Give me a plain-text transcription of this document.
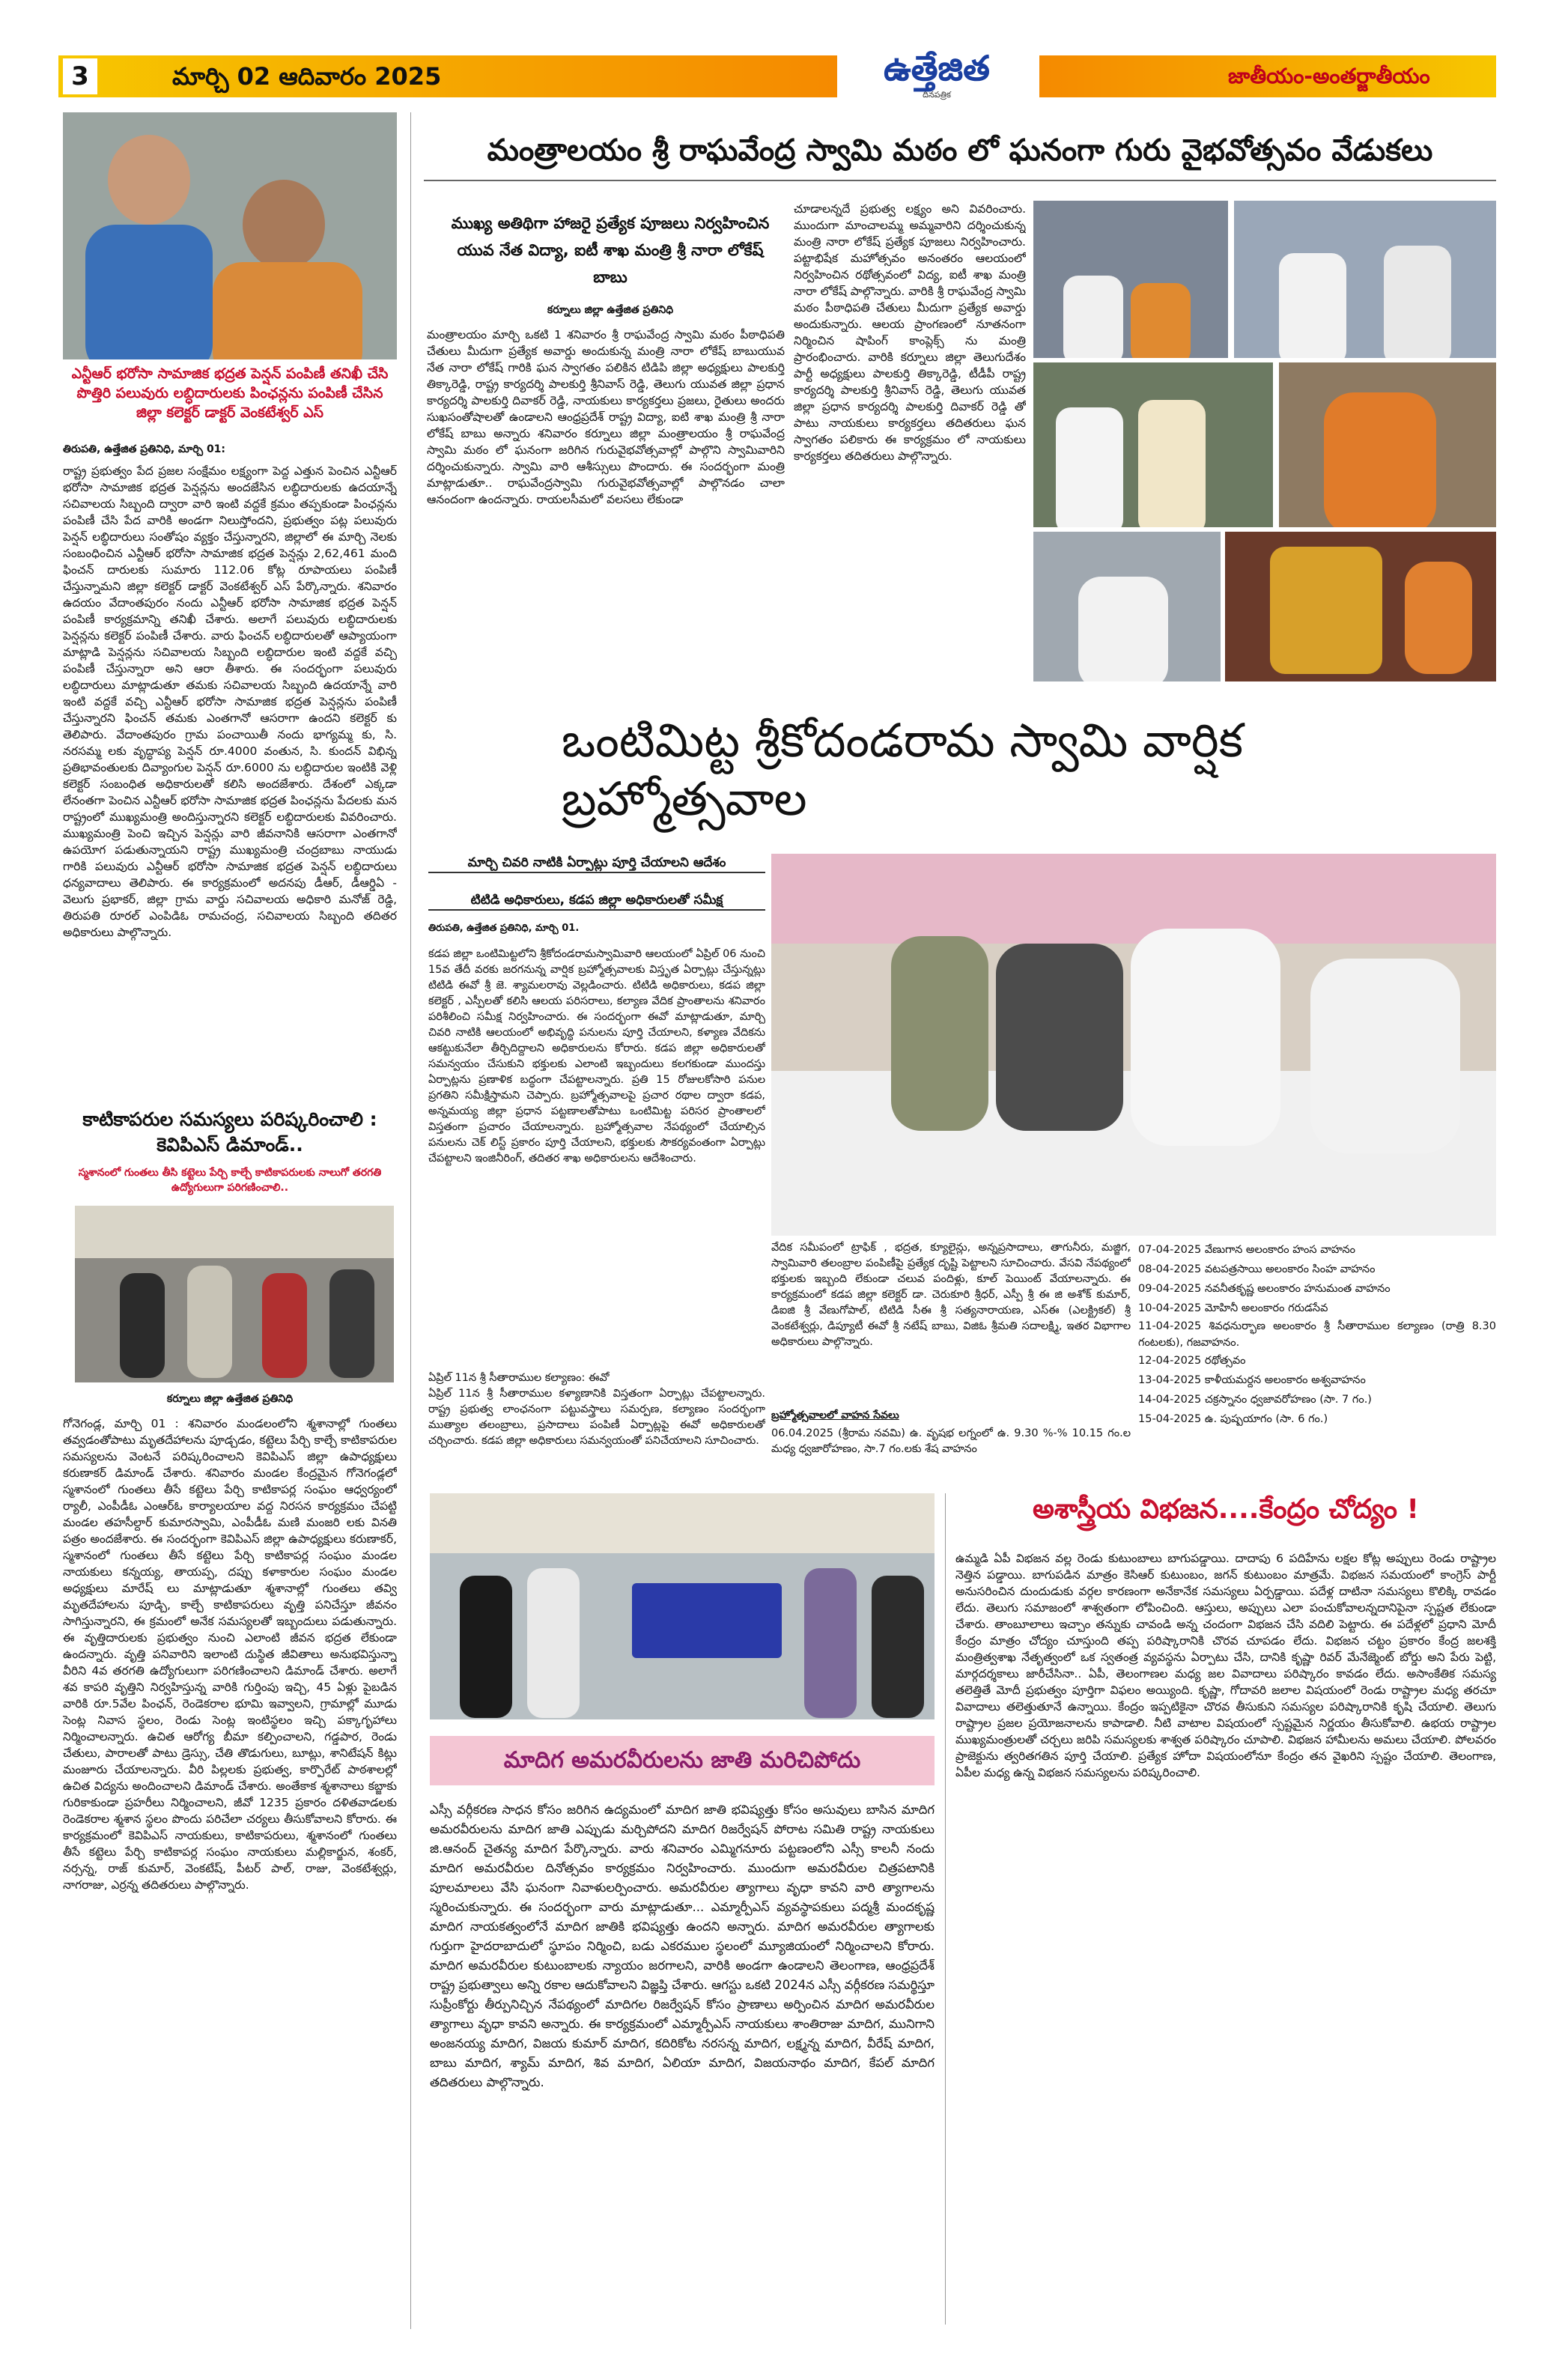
3	మార్చి 02 ఆదివారం 2025	ఉత్తేజిత
దినపత్రిక
జాతీయం-అంతర్జాతీయం
ఎన్టీఆర్ భరోసా సామాజిక భద్రత పెన్షన్ పంపిణీ తనిఖీ చేసి పొత్తిరి పలువురు లబ్ధిదారులకు పింఛన్లను పంపిణీ చేసిన జిల్లా కలెక్టర్ డాక్టర్ వెంకటేశ్వర్ ఎస్
తిరుపతి, ఉత్తేజిత ప్రతినిధి, మార్చి 01:
రాష్ట్ర ప్రభుత్వం పేద ప్రజల సంక్షేమం లక్ష్యంగా పెద్ద ఎత్తున పెంచిన ఎన్టీఆర్ భరోసా సామాజిక భద్రత పెన్షన్లను అందజేసిన లబ్ధిదారులకు ఉదయాన్నే సచివాలయ సిబ్బంది ద్వారా వారి ఇంటి వద్దకే క్రమం తప్పకుండా పింఛన్లను పంపిణీ చేసి పేద వారికి అండగా నిలుస్తోందని, ప్రభుత్వం పట్ల పలువురు పెన్షన్ లబ్ధిదారులు సంతోషం వ్యక్తం చేస్తున్నారని, జిల్లాలో ఈ మార్చి నెలకు సంబంధించిన ఎన్టీఆర్ భరోసా సామాజిక భద్రత పెన్షన్లు 2,62,461 మంది ఫించన్ దారులకు సుమారు 112.06 కోట్ల రూపాయలు పంపిణీ చేస్తున్నామని జిల్లా కలెక్టర్ డాక్టర్ వెంకటేశ్వర్ ఎస్ పేర్కొన్నారు. శనివారం ఉదయం వేదాంతపురం నందు ఎన్టీఆర్ భరోసా సామాజిక భద్రత పెన్షన్ పంపిణీ కార్యక్రమాన్ని తనిఖీ చేశారు. అలాగే పలువురు లబ్ధిదారులకు పెన్షన్లను కలెక్టర్ పంపిణీ చేశారు. వారు ఫించన్ లబ్ధిదారులతో ఆప్యాయంగా మాట్లాడి పెన్షన్లను సచివాలయ సిబ్బంది లబ్ధిదారుల ఇంటి వద్దకే వచ్చి పంపిణీ చేస్తున్నారా అని ఆరా తీశారు. ఈ సందర్భంగా పలువురు లబ్ధిదారులు మాట్లాడుతూ తమకు సచివాలయ సిబ్బంది ఉదయాన్నే వారి ఇంటి వద్దకే వచ్చి ఎన్టీఆర్ భరోసా సామాజిక భద్రత పెన్షన్లను పంపిణీ చేస్తున్నారని ఫించన్ తమకు ఎంతగానో ఆసరాగా ఉందని కలెక్టర్ కు తెలిపారు. వేదాంతపురం గ్రామ పంచాయితీ నందు భాగ్యమ్మ కు, సి. నరసమ్మ లకు వృద్ధాప్య పెన్షన్ రూ.4000 వంతున, సి. కుందన్ విభిన్న ప్రతిభావంతులకు దివ్యాంగుల పెన్షన్ రూ.6000 ను లబ్ధిదారుల ఇంటికి వెళ్లి కలెక్టర్ సంబంధిత అధికారులతో కలిసి అందజేశారు. దేశంలో ఎక్కడా లేనంతగా పెంచిన ఎన్టీఆర్ భరోసా సామాజిక భద్రత పింఛన్లను పేదలకు మన రాష్ట్రంలో ముఖ్యమంత్రి అందిస్తున్నారని కలెక్టర్ లబ్ధిదారులకు వివరించారు. ముఖ్యమంత్రి పెంచి ఇచ్చిన పెన్షన్లు వారి జీవనానికి ఆసరాగా ఎంతగానో ఉపయోగ పడుతున్నాయని రాష్ట్ర ముఖ్యమంత్రి చంద్రబాబు నాయుడు గారికి పలువురు ఎన్టీఆర్ భరోసా సామాజిక భద్రత పెన్షన్ లబ్ధిదారులు ధన్యవాదాలు తెలిపారు. ఈ కార్యక్రమంలో అదనపు డీఆర్, డీఆర్డిఏ - వెలుగు ప్రభాకర్, జిల్లా గ్రామ వార్డు సచివాలయ అధికారి మనోజ్ రెడ్డి, తిరుపతి రూరల్ ఎంపిడిఓ రామచంద్ర, సచివాలయ సిబ్బంది తదితర అధికారులు పాల్గొన్నారు.
కాటికాపరుల సమస్యలు పరిష్కరించాలి : కెవిపిఎస్ డిమాండ్..
స్మశానంలో గుంతలు తీసి కట్టెలు పేర్చి కాల్చే కాటికాపరులకు నాలుగో తరగతి ఉద్యోగులుగా పరిగణించాలి..
కర్నూలు జిల్లా ఉత్తేజిత ప్రతినిధి
గోనెగండ్ల, మార్చి 01 : శనివారం మండలంలోని శ్మశానాల్లో గుంతలు తవ్వడంతోపాటు మృతదేహాలను పూడ్చడం, కట్టెలు పేర్చి కాల్చే కాటికాపరుల సమస్యలను వెంటనే పరిష్కరించాలని కెవిపిఎస్ జిల్లా ఉపాధ్యక్షులు కరుణాకర్ డిమాండ్ చేశారు. శనివారం మండల కేంద్రమైన గోనెగండ్లలో స్మశానంలో గుంతలు తీసే కట్టెలు పేర్చి కాటికాపర్ల సంఘం ఆధ్వర్యంలో ర్యాలీ, ఎంపీడీఓ ఎంఆర్ఓ కార్యాలయాల వద్ద నిరసన కార్యక్రమం చేపట్టి మండల తహసీల్దార్ కుమారస్వామి, ఎంపీడీఓ మణి మంజరి లకు వినతి పత్రం అందజేశారు. ఈ సందర్భంగా కెవిపిఎస్ జిల్లా ఉపాధ్యక్షులు కరుణాకర్, స్మశానంలో గుంతలు తీసే కట్టెలు పేర్చి కాటికాపర్ల సంఘం మండల నాయకులు కన్నయ్య, తాయప్ప, దప్పు కళాకారుల సంఘం మండల అధ్యక్షులు మారేష్ లు మాట్లాడుతూ శ్మశానాల్లో గుంతలు తవ్వి మృతదేహాలను పూడ్చి, కాల్చే కాటికాపరులు వృత్తి పనిచేస్తూ జీవనం సాగిస్తున్నారని, ఈ క్రమంలో అనేక సమస్యలతో ఇబ్బందులు పడుతున్నారు. ఈ వృత్తిదారులకు ప్రభుత్వం నుంచి ఎలాంటి జీవన భద్రత లేకుండా ఉందన్నారు. వృత్తి పనివారిని ఇలాంటి దుస్థిత జీవితాలు అనుభవిస్తున్నా వీరిని 4వ తరగతి ఉద్యోగులుగా పరిగణించాలని డిమాండ్ చేశారు. అలాగే శవ కాపరి వృత్తిని నిర్వహిస్తున్న వారికి గుర్తింపు ఇచ్చి, 45 ఏళ్లు పైబడిన వారికి రూ.5వేల పింఛన్, రెండెకరాల భూమి ఇవ్వాలని, గ్రామాల్లో మూడు సెంట్ల నివాస స్థలం, రెండు సెంట్ల ఇంటిస్థలం ఇచ్చి పక్కాగృహాలు నిర్మించాలన్నారు. ఉచిత ఆరోగ్య బీమా కల్పించాలని, గడ్డపార, రెండు చేతులు, పారాలతో పాటు డ్రెస్సు, చేతి తొడుగులు, బూట్లు, శానిటేషన్ కిట్లు మంజూరు చేయాలన్నారు. వీరి పిల్లలకు ప్రభుత్వ, కార్పొరేట్ పాఠశాలల్లో ఉచిత విద్యను అందించాలని డిమాండ్ చేశారు. అంతేకాక శ్మశానాలు కబ్జాకు గురికాకుండా ప్రహరీలు నిర్మించాలని, జీవో 1235 ప్రకారం దళితవాడలకు రెండెకరాల శ్మశాన స్థలం పొందు పరిచేలా చర్యలు తీసుకోవాలని కోరారు. ఈ కార్యక్రమంలో కెవిపిఎస్ నాయకులు, కాటికాపరులు, శ్మశానంలో గుంతలు తీసే కట్టెలు పేర్చి కాటికాపర్ల సంఘం నాయకులు మల్లికార్జున, శంకర్, నర్సన్న, రాజ్ కుమార్, వెంకటేష్, పీటర్ పాల్, రాజు, వెంకటేశ్వర్లు, నాగరాజు, ఎర్రన్న తదితరులు పాల్గొన్నారు.
మంత్రాలయం శ్రీ రాఘవేంద్ర స్వామి మఠం లో ఘనంగా గురు వైభవోత్సవం వేడుకలు
ముఖ్య అతిథిగా హాజరై ప్రత్యేక పూజలు నిర్వహించిన యువ నేత విద్యా, ఐటీ శాఖ మంత్రి శ్రీ నారా లోకేష్ బాబు
కర్నూలు జిల్లా ఉత్తేజిత ప్రతినిధి
మంత్రాలయం మార్చి ఒకటి 1 శనివారం శ్రీ రాఘవేంద్ర స్వామి మఠం పీఠాధిపతి చేతులు మీదుగా ప్రత్యేక అవార్డు అందుకున్న మంత్రి నారా లోకేష్ బాబుయువ నేత నారా లోకేష్ గారికి ఘన స్వాగతం పలికిన టిడిపి జిల్లా అధ్యక్షులు పాలకుర్తి తిక్కారెడ్డి, రాష్ట్ర కార్యదర్శి పాలకుర్తి శ్రీనివాస్ రెడ్డి, తెలుగు యువత జిల్లా ప్రధాన కార్యదర్శి పాలకుర్తి దివాకర్ రెడ్డి, నాయకులు కార్యకర్తలు ప్రజలు, రైతులు అందరు సుఖసంతోషాలతో ఉండాలని ఆంధ్రప్రదేశ్ రాష్ట్ర విద్యా, ఐటి శాఖ మంత్రి శ్రీ నారా లోకేష్ బాబు అన్నారు శనివారం కర్నూలు జిల్లా మంత్రాలయం శ్రీ రాఘవేంద్ర స్వామి మఠం లో ఘనంగా జరిగిన గురువైభవోత్సవాల్లో పాల్గొని స్వామివారిని దర్శించుకున్నారు. స్వామి వారి ఆశీస్సులు పొందారు. ఈ సందర్భంగా మంత్రి మాట్లాడుతూ.. రాఘవేంద్రస్వామి గురువైభవోత్సవాల్లో పాల్గొనడం చాలా ఆనందంగా ఉందన్నారు. రాయలసీమలో వలసలు లేకుండా
చూడాలన్నదే ప్రభుత్వ లక్ష్యం అని వివరించారు. ముందుగా మాంచాలమ్మ అమ్మవారిని దర్శించుకున్న మంత్రి నారా లోకేష్ ప్రత్యేక పూజలు నిర్వహించారు. పట్టాభిషేక మహోత్సవం అనంతరం ఆలయంలో నిర్వహించిన రథోత్సవంలో విద్య, ఐటీ శాఖ మంత్రి నారా లోకేష్ పాల్గొన్నారు. వారికి శ్రీ రాఘవేంద్ర స్వామి మఠం పీఠాధిపతి చేతులు మీదుగా ప్రత్యేక అవార్డు అందుకున్నారు. ఆలయ ప్రాంగణంలో నూతనంగా నిర్మించిన షాపింగ్ కాంప్లెక్స్ ను మంత్రి ప్రారంభించారు. వారికి కర్నూలు జిల్లా తెలుగుదేశం పార్టీ అధ్యక్షులు పాలకుర్తి తిక్కారెడ్డి, టీడీపీ రాష్ట్ర కార్యదర్శి పాలకుర్తి శ్రీనివాస్ రెడ్డి, తెలుగు యువత జిల్లా ప్రధాన కార్యదర్శి పాలకుర్తి దివాకర్ రెడ్డి తో పాటు నాయకులు కార్యకర్తలు తదితరులు ఘన స్వాగతం పలికారు ఈ కార్యక్రమం లో నాయకులు కార్యకర్తలు తదితరులు పాల్గొన్నారు.
ఒంటిమిట్ట శ్రీకోదండరామ స్వామి వార్షిక బ్రహ్మోత్సవాల
మార్చి చివరి నాటికి ఏర్పాట్లు పూర్తి చేయాలని ఆదేశం
టిటిడి అధికారులు, కడప జిల్లా అధికారులతో సమీక్ష
తిరుపతి, ఉత్తేజిత ప్రతినిధి, మార్చి 01.
కడప జిల్లా ఒంటిమిట్టలోని శ్రీకోదండరామస్వామివారి ఆలయంలో ఏప్రిల్ 06 నుంచి 15వ తేదీ వరకు జరగనున్న వార్షిక బ్రహ్మోత్సవాలకు విస్తృత ఏర్పాట్లు చేస్తున్నట్లు టిటిడి ఈవో శ్రీ జె. శ్యామలరావు వెల్లడించారు. టిటిడి అధికారులు, కడప జిల్లా కలెక్టర్ , ఎస్పీలతో కలిసి ఆలయ పరిసరాలు, కల్యాణ వేదిక ప్రాంతాలను శనివారం పరిశీలించి సమీక్ష నిర్వహించారు. ఈ సందర్భంగా ఈవో మాట్లాడుతూ, మార్చి చివరి నాటికి ఆలయంలో అభివృద్ధి పనులను పూర్తి చేయాలని, కళ్యాణ వేదికను ఆకట్టుకునేలా తీర్చిదిద్దాలని అధికారులను కోరారు. కడప జిల్లా అధికారులతో సమన్వయం చేసుకుని భక్తులకు ఎలాంటి ఇబ్బందులు కలగకుండా ముందస్తు ఏర్పాట్లను ప్రణాళిక బద్ధంగా చేపట్టాలన్నారు. ప్రతి 15 రోజులకోసారి పనుల ప్రగతిని సమీక్షిస్తామని చెప్పారు. బ్రహ్మోత్సవాలపై ప్రచార రథాల ద్వారా కడప, అన్నమయ్య జిల్లా ప్రధాన పట్టణాలతోపాటు ఒంటిమిట్ట పరిసర ప్రాంతాలలో విస్తతంగా ప్రచారం చేయాలన్నారు. బ్రహ్మోత్సవాల నేపథ్యంలో చేయాల్సిన పనులను చెక్ లిస్ట్ ప్రకారం పూర్తి చేయాలని, భక్తులకు సౌకర్యవంతంగా ఏర్పాట్లు చేపట్టాలని ఇంజినీరింగ్, తదితర శాఖ అధికారులను ఆదేశించారు.
ఏప్రిల్ 11న శ్రీ సీతారాముల కల్యాణం: ఈవో
ఏప్రిల్ 11న శ్రీ సీతారాముల కళ్యాణానికి విస్తతంగా ఏర్పాట్లు చేపట్టాలన్నారు. రాష్ట్ర ప్రభుత్వ లాంఛనంగా పట్టువస్త్రాలు సమర్పణ, కల్యాణం సందర్భంగా ముత్యాల తలంబ్రాలు, ప్రసాదాలు పంపిణీ ఏర్పాట్లపై ఈవో అధికారులతో చర్చించారు. కడప జిల్లా అధికారులు సమన్వయంతో పనిచేయాలని సూచించారు.
వేదిక సమీపంలో ట్రాఫిక్ , భద్రత, క్యూలైన్లు, అన్నప్రసాదాలు, తాగునీరు, మజ్జిగ, స్వామివారి తలంబ్రాల పంపిణీపై ప్రత్యేక దృష్టి పెట్టాలని సూచించారు. వేసవి నేపథ్యంలో భక్తులకు ఇబ్బంది లేకుండా చలువ పందిళ్లు, కూల్ పెయింట్ వేయాలన్నారు. ఈ కార్యక్రమంలో కడప జిల్లా కలెక్టర్ డా. చెరుకూరి శ్రీధర్, ఎస్పీ శ్రీ ఈ జి అశోక్ కుమార్, డిఐజి శ్రీ వేణుగోపాల్, టిటిడి సీఈ శ్రీ సత్యనారాయణ, ఎస్ఈ (ఎలక్ట్రికల్) శ్రీ వెంకటేశ్వర్లు, డిప్యూటీ ఈవో శ్రీ నటేష్ బాబు, విజిఓ శ్రీమతి సదాలక్ష్మి, ఇతర విభాగాల అధికారులు పాల్గొన్నారు.
బ్రహ్మోత్సవాలలో వాహన సేవలు
06.04.2025 (శ్రీరామ నవమి) ఉ. వృషభ లగ్నంలో ఉ. 9.30 %-% 10.15 గం.ల మధ్య ధ్వజారోహణం, సా.7 గం.లకు శేష వాహనం
07-04-2025 వేణుగాన అలంకారం హంస వాహనం
08-04-2025 వటపత్రసాయి అలంకారం సింహ వాహనం
09-04-2025 నవనీతకృష్ణ అలంకారం హనుమంత వాహనం
10-04-2025 మోహినీ అలంకారం గరుడసేవ
11-04-2025 శివధనుర్భాణ అలంకారం శ్రీ సీతారాముల కల్యాణం (రాత్రి 8.30 గంటలకు), గజవాహనం.
12-04-2025 రథోత్సవం
13-04-2025 కాళీయమర్దన అలంకారం అశ్వవాహనం
14-04-2025 చక్రస్నానం ధ్వజావరోహణం (సా. 7 గం.)
15-04-2025 ఉ. పుష్పయాగం (సా. 6 గం.)
మాదిగ అమరవీరులను జాతి మరిచిపోదు
ఎస్సీ వర్గీకరణ సాధన కోసం జరిగిన ఉద్యమంలో మాదిగ జాతి భవిష్యత్తు కోసం అసువులు బాసిన మాదిగ అమరవీరులను మాదిగ జాతి ఎప్పుడు మర్చిపోదని మాదిగ రిజర్వేషన్ పోరాట సమితి రాష్ట్ర నాయకులు జి.ఆనంద్ చైతన్య మాదిగ పేర్కొన్నారు. వారు శనివారం ఎమ్మిగనూరు పట్టణంలోని ఎస్సీ కాలనీ నందు మాదిగ అమరవీరుల దినోత్సవం కార్యక్రమం నిర్వహించారు. ముందుగా అమరవీరుల చిత్రపటానికి పూలమాలలు వేసి ఘనంగా నివాళులర్పించారు. అమరవీరుల త్యాగాలు వృధా కావని వారి త్యాగాలను స్మరించుకున్నారు. ఈ సందర్భంగా వారు మాట్లాడుతూ... ఎమ్మార్పీఎస్ వ్యవస్థాపకులు పద్మశ్రీ మందకృష్ణ మాదిగ నాయకత్వంలోనే మాదిగ జాతికి భవిష్యత్తు ఉందని అన్నారు. మాదిగ అమరవీరుల త్యాగాలకు గుర్తుగా హైదరాబాదులో స్థూపం నిర్మించి, బడు ఎకరముల స్థలంలో మ్యూజియంలో నిర్మించాలని కోరారు. మాదిగ అమరవీరుల కుటుంబాలకు న్యాయం జరగాలని, వారికి అండగా ఉండాలని తెలంగాణ, ఆంధ్రప్రదేశ్ రాష్ట్ర ప్రభుత్వాలు అన్ని రకాల ఆదుకోవాలని విజ్ఞప్తి చేశారు. ఆగస్టు ఒకటి 2024న ఎస్సీ వర్గీకరణ సమర్థిస్తూ సుప్రీంకోర్టు తీర్పునిచ్చిన నేపథ్యంలో మాదిగల రిజర్వేషన్ కోసం ప్రాణాలు అర్పించిన మాదిగ అమరవీరుల త్యాగాలు వృధా కావని అన్నారు. ఈ కార్యక్రమంలో ఎమ్మార్పీఎస్ నాయకులు శాంతిరాజు మాదిగ, మునిగాని అంజనయ్య మాదిగ, విజయ కుమార్ మాదిగ, కదిరికోట నరసన్న మాదిగ, లక్ష్మన్న మాదిగ, వీరేష్ మాదిగ, బాబు మాదిగ, శ్యామ్ మాదిగ, శివ మాదిగ, ఏలియా మాదిగ, విజయనాథం మాదిగ, కేపల్ మాదిగ తదితరులు పాల్గొన్నారు.
అశాస్త్రీయ విభజన....కేంద్రం చోద్యం !
ఉమ్మడి ఏపీ విభజన వల్ల రెండు కుటుంబాలు బాగుపడ్డాయి. దాదాపు 6 పదిహేను లక్షల కోట్ల అప్పులు రెండు రాష్ట్రాల నెత్తిన పడ్డాయి. బాగుపడిన మాత్రం కెసిఆర్ కుటుంబం, జగన్ కుటుంబం మాత్రమే. విభజన సమయంలో కాంగ్రెస్ పార్టీ అనుసరించిన దుందుడుకు వర్గల కారణంగా అనేకానేక సమస్యలు ఏర్పడ్డాయి. పదేళ్ల దాటినా సమస్యలు కొలిక్కి రావడం లేదు. తెలుగు సమాజంలో శాశ్వతంగా లోపించింది. ఆస్తులు, అప్పులు ఎలా పంచుకోవాలన్నదానిపైనా స్పష్టత లేకుండా చేశారు. తాంబూలాలు ఇచ్చాం తన్నుకు చావండి అన్న చందంగా విభజన చేసి వదిలి పెట్టారు. ఈ పదేళ్లలో ప్రధాని మోదీ కేంద్రం మాత్రం చోద్యం చూస్తుంది తప్ప పరిష్కారానికి చొరవ చూపడం లేదు. విభజన చట్టం ప్రకారం కేంద్ర జలశక్తి మంత్రిత్వశాఖ నేతృత్వంలో ఒక స్వతంత్ర వ్యవస్థను ఏర్పాటు చేసి, దానికి కృష్ణా రివర్ మేనేజ్మెంట్ బోర్డు అని పేరు పెట్టి, మార్గదర్శకాలు జారీచేసినా.. ఏపీ, తెలంగాణల మధ్య జల వివాదాలు పరిష్కారం కావడం లేదు. అసాంకేతిక సమస్య తలెత్తితే మోదీ ప్రభుత్వం పూర్తిగా విఫలం అయ్యింది. కృష్ణా, గోదావరి జలాల విషయంలో రెండు రాష్ట్రాల మధ్య తరచూ వివాదాలు తలెత్తుతూనే ఉన్నాయి. కేంద్రం ఇప్పటికైనా చొరవ తీసుకుని సమస్యల పరిష్కారానికి కృషి చేయాలి. తెలుగు రాష్ట్రాల ప్రజల ప్రయోజనాలను కాపాడాలి. నీటి వాటాల విషయంలో స్పష్టమైన నిర్ణయం తీసుకోవాలి. ఉభయ రాష్ట్రాల ముఖ్యమంత్రులతో చర్చలు జరిపి సమస్యలకు శాశ్వత పరిష్కారం చూపాలి. విభజన హామీలను అమలు చేయాలి. పోలవరం ప్రాజెక్టును త్వరితగతిన పూర్తి చేయాలి. ప్రత్యేక హోదా విషయంలోనూ కేంద్రం తన వైఖరిని స్పష్టం చేయాలి. తెలంగాణ, ఏపీల మధ్య ఉన్న విభజన సమస్యలను పరిష్కరించాలి.
